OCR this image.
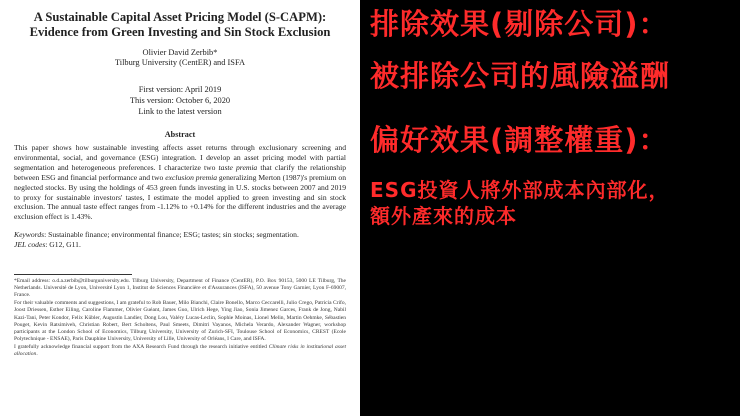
A Sustainable Capital Asset Pricing Model (S-CAPM):
Evidence from Green Investing and Sin Stock Exclusion
Olivier David Zerbib*
Tilburg University (CentER) and ISFA
First version: April 2019
This version: October 6, 2020
Link to the latest version
Abstract
This paper shows how sustainable investing affects asset returns through exclusionary screening and environmental, social, and governance (ESG) integration. I develop an asset pricing model with partial segmentation and heterogeneous preferences. I characterize two taste premia that clarify the relationship between ESG and financial performance and two exclusion premia generalizing Merton (1987)'s premium on neglected stocks. By using the holdings of 453 green funds investing in U.S. stocks between 2007 and 2019 to proxy for sustainable investors' tastes, I estimate the model applied to green investing and sin stock exclusion. The annual taste effect ranges from -1.12% to +0.14% for the different industries and the average exclusion effect is 1.43%.
Keywords: Sustainable finance; environmental finance; ESG; tastes; sin stocks; segmentation.
JEL codes: G12, G11.

*Email address: o.d.a.zerbib@tilburguniversity.edu. Tilburg University, Department of Finance (CentER), P.O. Box 90153, 5000 LE Tilburg, The Netherlands. Université de Lyon, Université Lyon 1, Institut de Sciences Financière et d'Assurances (ISFA), 50 avenue Tony Garnier, Lyon F-69007, France.

For their valuable comments and suggestions, I am grateful to Rob Bauer, Milo Bianchi, Claire Bonello, Marco Ceccarelli, Julio Crego, Patricia Crifo, Joost Driessen, Esther Eiling, Caroline Flammer, Olivier Guéant, James Guo, Ulrich Hege, Ying Jiao, Sonia Jimenez Garces, Frank de Jong, Nabil Kazi-Tani, Peter Kondor, Felix Kübler, Augustin Landier, Dong Lou, Valéry Lucas-Leclin, Sophie Moinas, Lionel Melin, Martin Oehmke, Sébastien Pouget, Kevin Ratsimiveh, Christian Robert, Bert Scholtens, Paul Smeets, Dimitri Vayanos, Michela Verardo, Alexander Wagner, workshop participants at the London School of Economics, Tilburg University, University of Zurich-SFI, Toulouse School of Economics, CREST (Ecole Polytechnique - ENSAE), Paris Dauphine University, University of Lille, University of Orléans, I Care, and ISFA.

I gratefully acknowledge financial support from the AXA Research Fund through the research initiative entitled Climate risks in institutional asset allocation.

排除效果(剔除公司)：
被排除公司的風險溢酬
偏好效果(調整權重)：
ESG投資人將外部成本內部化，
額外產來的成本
